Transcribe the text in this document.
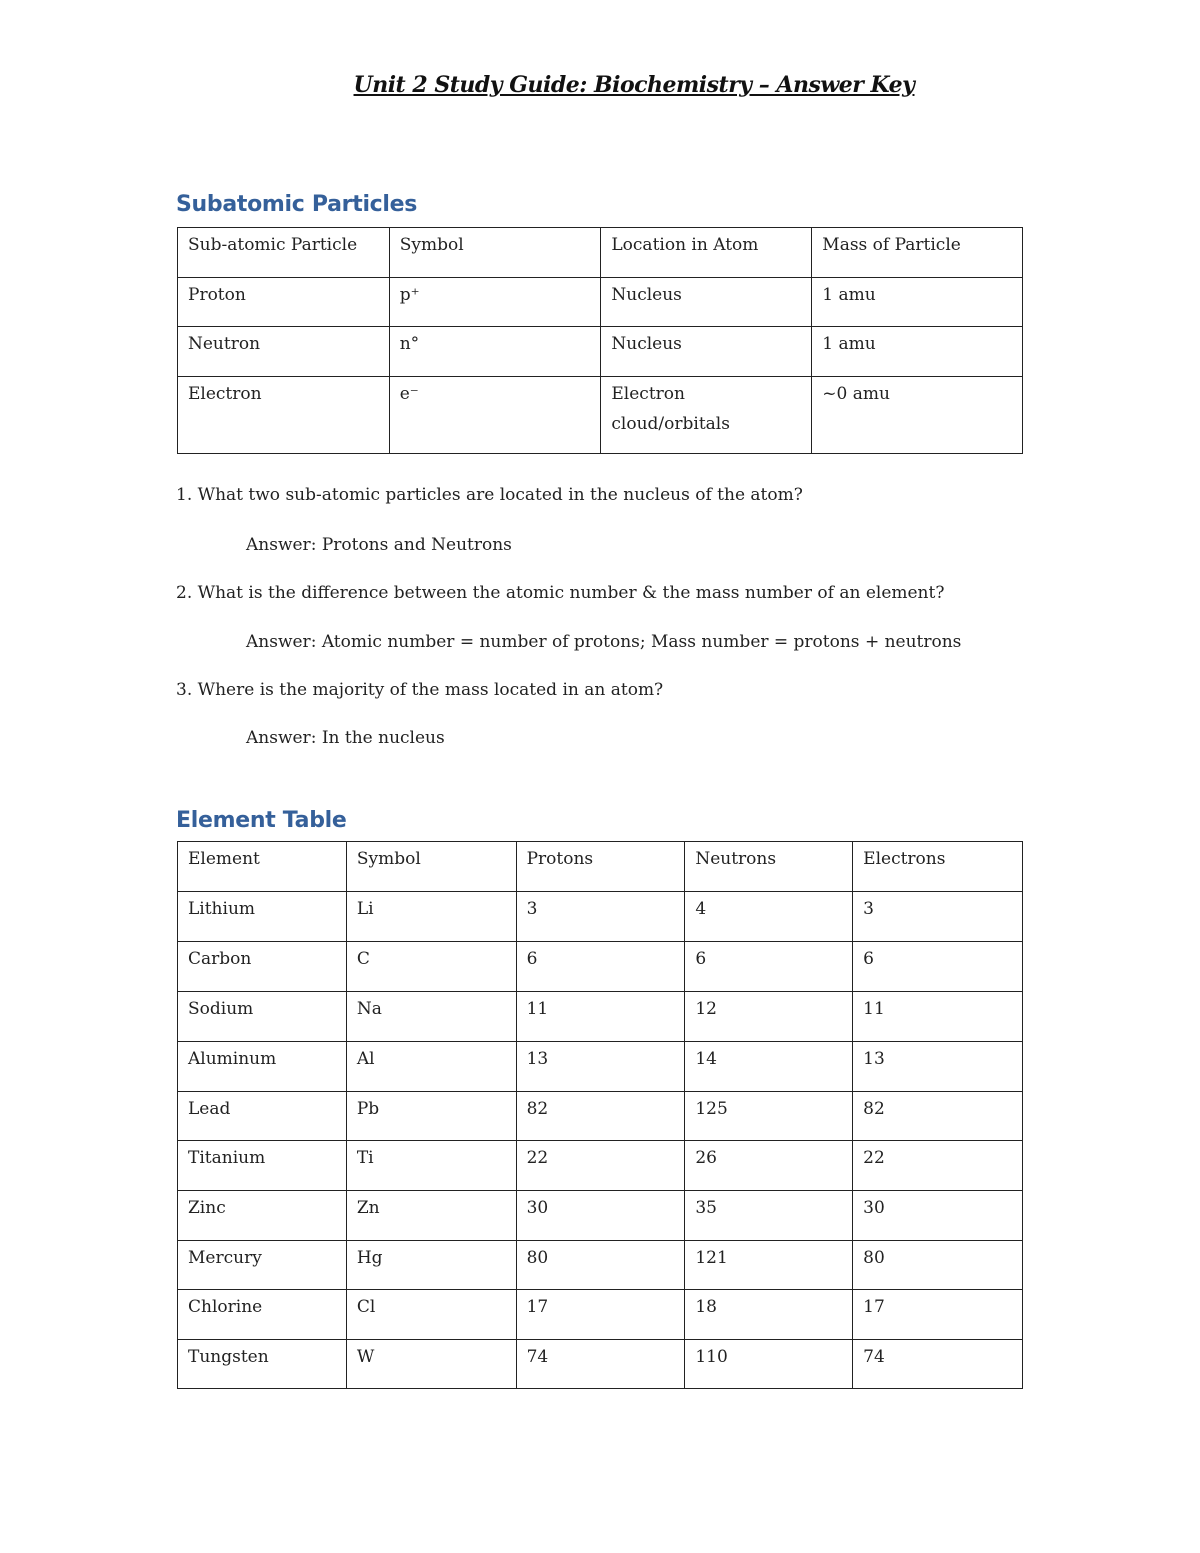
Unit 2 Study Guide: Biochemistry – Answer Key
Subatomic Particles
Sub-atomic Particle	Symbol	Location in Atom	Mass of Particle
Proton	p⁺	Nucleus	1 amu
Neutron	n°	Nucleus	1 amu
Electron	e⁻	Electron cloud/orbitals	~0 amu
1. What two sub-atomic particles are located in the nucleus of the atom?
Answer: Protons and Neutrons
2. What is the difference between the atomic number & the mass number of an element?
Answer: Atomic number = number of protons; Mass number = protons + neutrons
3. Where is the majority of the mass located in an atom?
Answer: In the nucleus
Element Table
Element	Symbol	Protons	Neutrons	Electrons
Lithium	Li	3	4	3
Carbon	C	6	6	6
Sodium	Na	11	12	11
Aluminum	Al	13	14	13
Lead	Pb	82	125	82
Titanium	Ti	22	26	22
Zinc	Zn	30	35	30
Mercury	Hg	80	121	80
Chlorine	Cl	17	18	17
Tungsten	W	74	110	74
